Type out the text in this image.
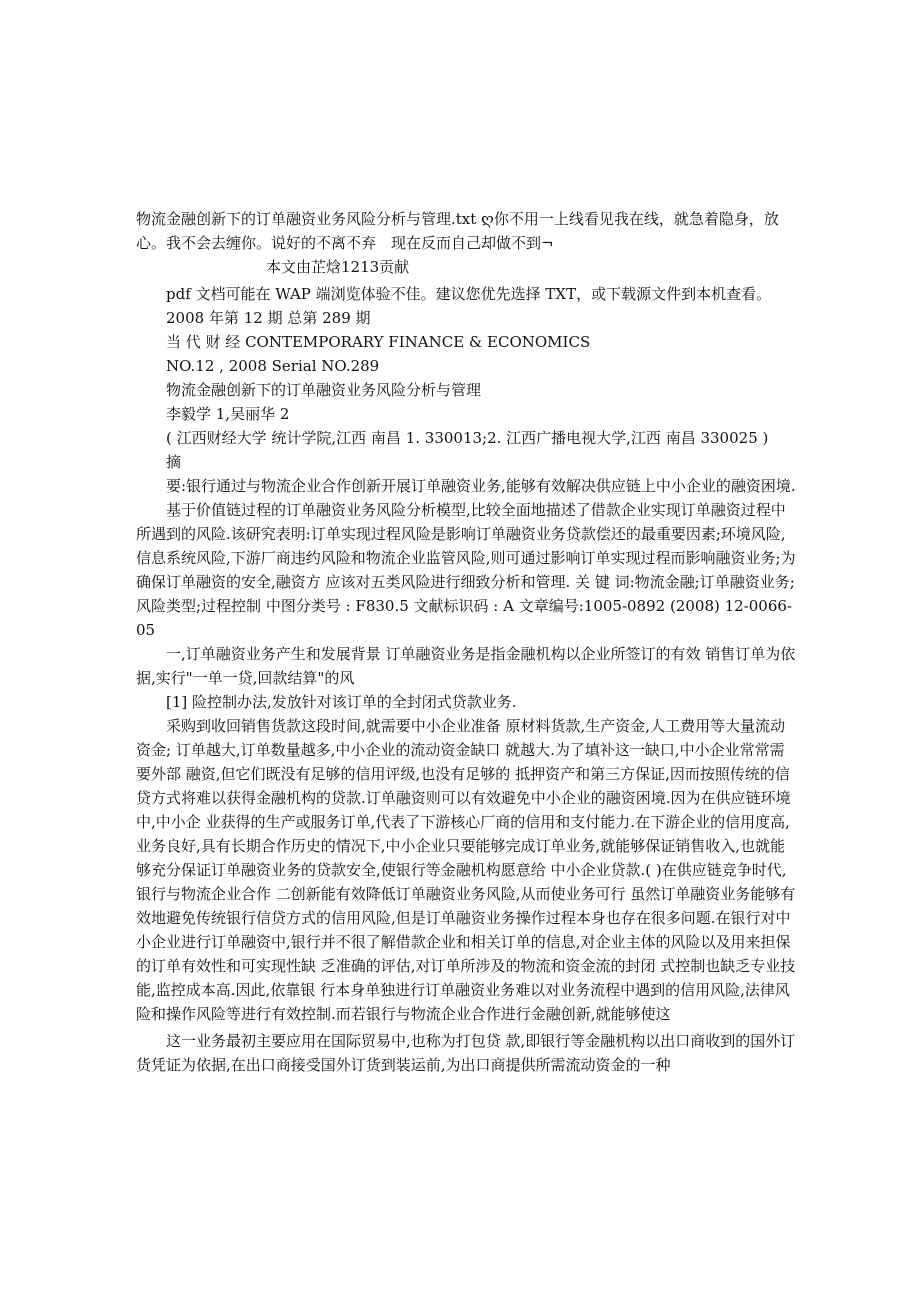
物流金融创新下的订单融资业务风险分析与管理.txt ღ你不用一上线看见我在线，就急着隐身，放心。我不会去缠你。说好的不离不弃　现在反而自己却做不到¬

本文由芷焓1213贡献

pdf 文档可能在 WAP 端浏览体验不佳。建议您优先选择 TXT，或下载源文件到本机查看。

2008 年第 12 期 总第 289 期

当 代 财 经 CONTEMPORARY FINANCE & ECONOMICS

NO.12 , 2008 Serial NO.289

物流金融创新下的订单融资业务风险分析与管理

李毅学 1,吴丽华 2

( 江西财经大学 统计学院,江西 南昌 1. 330013;2. 江西广播电视大学,江西 南昌 330025 )

摘

要:银行通过与物流企业合作创新开展订单融资业务,能够有效解决供应链上中小企业的融资困境.

基于价值链过程的订单融资业务风险分析模型,比较全面地描述了借款企业实现订单融资过程中所遇到的风险.该研究表明:订单实现过程风险是影响订单融资业务贷款偿还的最重要因素;环境风险,信息系统风险,下游厂商违约风险和物流企业监管风险,则可通过影响订单实现过程而影响融资业务;为确保订单融资的安全,融资方 应该对五类风险进行细致分析和管理. 关 键 词:物流金融;订单融资业务;风险类型;过程控制 中图分类号 : F830.5 文献标识码 : A 文章编号:1005-0892 (2008) 12-0066-05

一,订单融资业务产生和发展背景 订单融资业务是指金融机构以企业所签订的有效 销售订单为依据,实行"一单一贷,回款结算"的风

[1] 险控制办法,发放针对该订单的全封闭式贷款业务.

采购到收回销售货款这段时间,就需要中小企业准备 原材料货款,生产资金,人工费用等大量流动资金; 订单越大,订单数量越多,中小企业的流动资金缺口 就越大.为了填补这一缺口,中小企业常常需要外部 融资,但它们既没有足够的信用评级,也没有足够的 抵押资产和第三方保证,因而按照传统的信贷方式将难以获得金融机构的贷款.订单融资则可以有效避免中小企业的融资困境.因为在供应链环境中,中小企 业获得的生产或服务订单,代表了下游核心厂商的信用和支付能力.在下游企业的信用度高,业务良好,具有长期合作历史的情况下,中小企业只要能够完成订单业务,就能够保证销售收入,也就能够充分保证订单融资业务的贷款安全,使银行等金融机构愿意给 中小企业贷款.( )在供应链竞争时代,银行与物流企业合作 二创新能有效降低订单融资业务风险,从而使业务可行 虽然订单融资业务能够有效地避免传统银行信贷方式的信用风险,但是订单融资业务操作过程本身也存在很多问题.在银行对中小企业进行订单融资中,银行并不很了解借款企业和相关订单的信息,对企业主体的风险以及用来担保的订单有效性和可实现性缺 乏准确的评估,对订单所涉及的物流和资金流的封闭 式控制也缺乏专业技能,监控成本高.因此,依靠银 行本身单独进行订单融资业务难以对业务流程中遇到的信用风险,法律风险和操作风险等进行有效控制.而若银行与物流企业合作进行金融创新,就能够使这

这一业务最初主要应用在国际贸易中,也称为打包贷 款,即银行等金融机构以出口商收到的国外订货凭证为依据,在出口商接受国外订货到装运前,为出口商提供所需流动资金的一种
